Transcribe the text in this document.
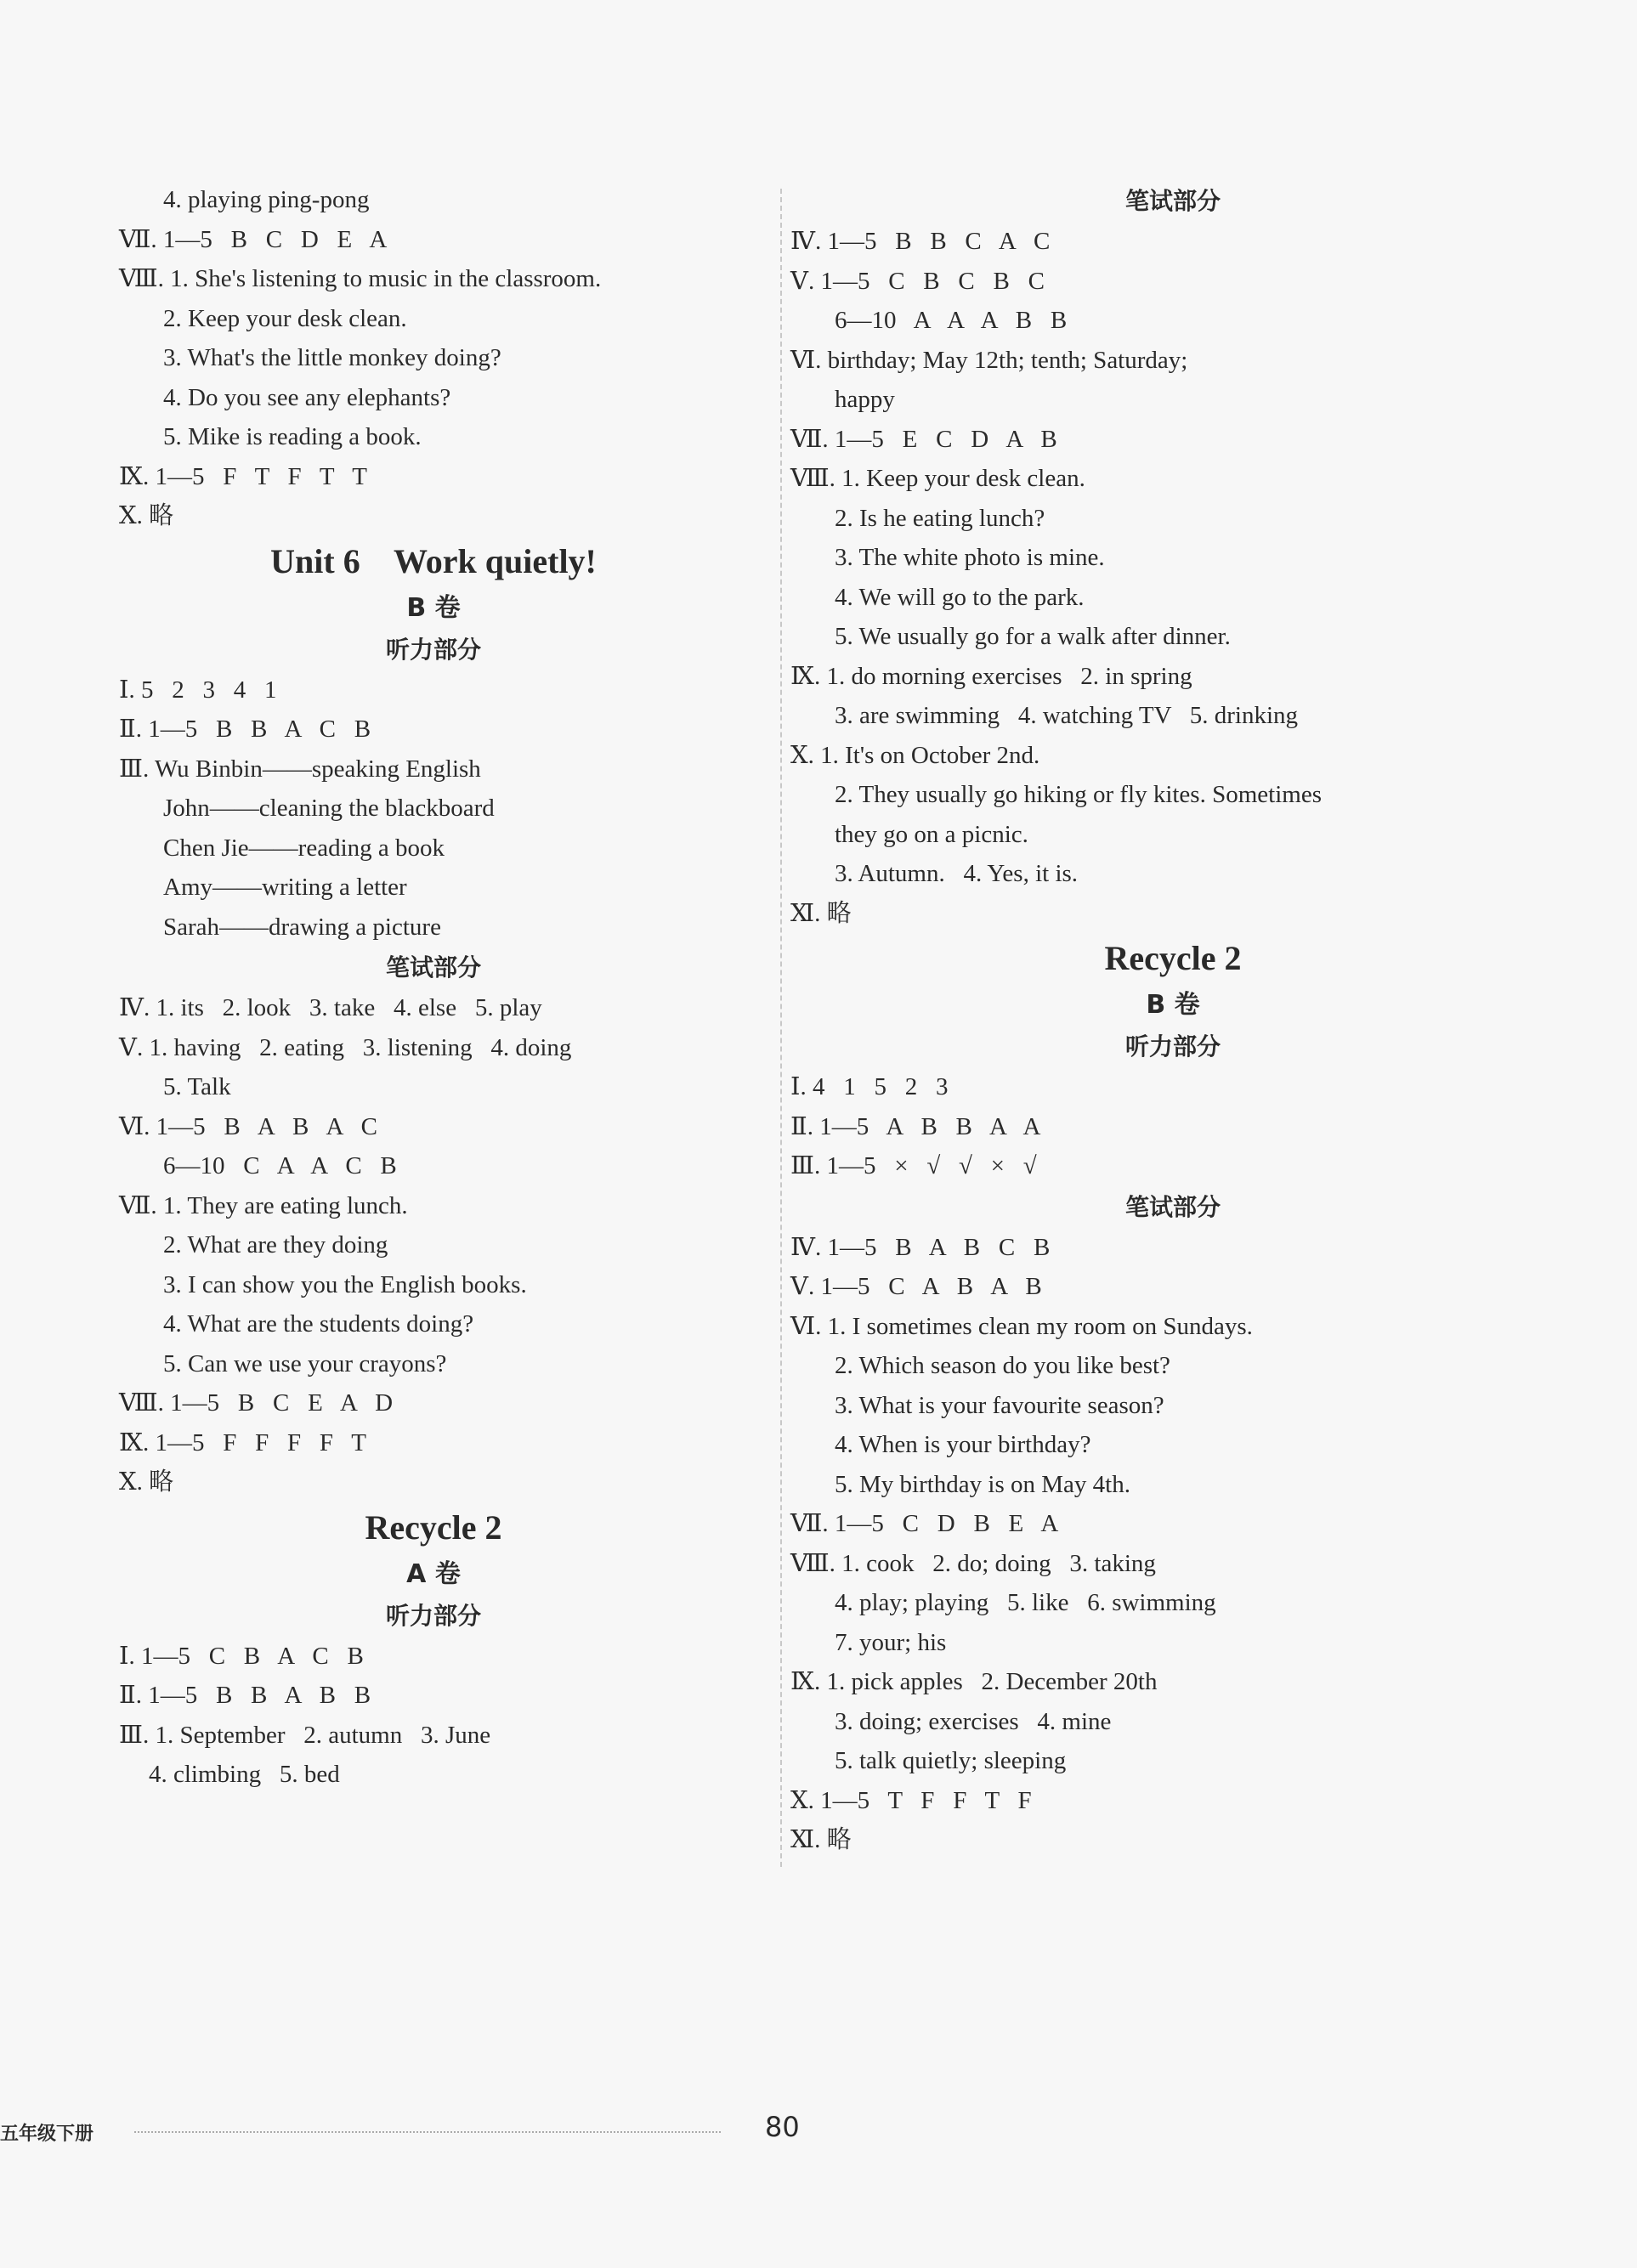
4. playing ping-pong
Ⅶ. 1—5   B   C   D   E   A
Ⅷ. 1. She's listening to music in the classroom.
2. Keep your desk clean.
3. What's the little monkey doing?
4. Do you see any elephants?
5. Mike is reading a book.
Ⅸ. 1—5   F   T   F   T   T
Ⅹ. 略
Unit 6    Work quietly!
B 卷
听力部分
Ⅰ. 5   2   3   4   1
Ⅱ. 1—5   B   B   A   C   B
Ⅲ. Wu Binbin——speaking English
John——cleaning the blackboard
Chen Jie——reading a book
Amy——writing a letter
Sarah——drawing a picture
笔试部分
Ⅳ. 1. its   2. look   3. take   4. else   5. play
Ⅴ. 1. having   2. eating   3. listening   4. doing
5. Talk
Ⅵ. 1—5   B   A   B   A   C
6—10   C   A   A   C   B
Ⅶ. 1. They are eating lunch.
2. What are they doing
3. I can show you the English books.
4. What are the students doing?
5. Can we use your crayons?
Ⅷ. 1—5   B   C   E   A   D
Ⅸ. 1—5   F   F   F   F   T
Ⅹ. 略
Recycle 2
A 卷
听力部分
Ⅰ. 1—5   C   B   A   C   B
Ⅱ. 1—5   B   B   A   B   B
Ⅲ. 1. September   2. autumn   3. June
4. climbing   5. bed
笔试部分
Ⅳ. 1—5   B   B   C   A   C
Ⅴ. 1—5   C   B   C   B   C
6—10   A   A   A   B   B
Ⅵ. birthday; May 12th; tenth; Saturday;
happy
Ⅶ. 1—5   E   C   D   A   B
Ⅷ. 1. Keep your desk clean.
2. Is he eating lunch?
3. The white photo is mine.
4. We will go to the park.
5. We usually go for a walk after dinner.
Ⅸ. 1. do morning exercises   2. in spring
3. are swimming   4. watching TV   5. drinking
Ⅹ. 1. It's on October 2nd.
2. They usually go hiking or fly kites. Sometimes
they go on a picnic.
3. Autumn.   4. Yes, it is.
Ⅺ. 略
Recycle 2
B 卷
听力部分
Ⅰ. 4   1   5   2   3
Ⅱ. 1—5   A   B   B   A   A
Ⅲ. 1—5   ×   √   √   ×   √
笔试部分
Ⅳ. 1—5   B   A   B   C   B
Ⅴ. 1—5   C   A   B   A   B
Ⅵ. 1. I sometimes clean my room on Sundays.
2. Which season do you like best?
3. What is your favourite season?
4. When is your birthday?
5. My birthday is on May 4th.
Ⅶ. 1—5   C   D   B   E   A
Ⅷ. 1. cook   2. do; doing   3. taking
4. play; playing   5. like   6. swimming
7. your; his
Ⅸ. 1. pick apples   2. December 20th
3. doing; exercises   4. mine
5. talk quietly; sleeping
Ⅹ. 1—5   T   F   F   T   F
Ⅺ. 略
五年级下册	80
